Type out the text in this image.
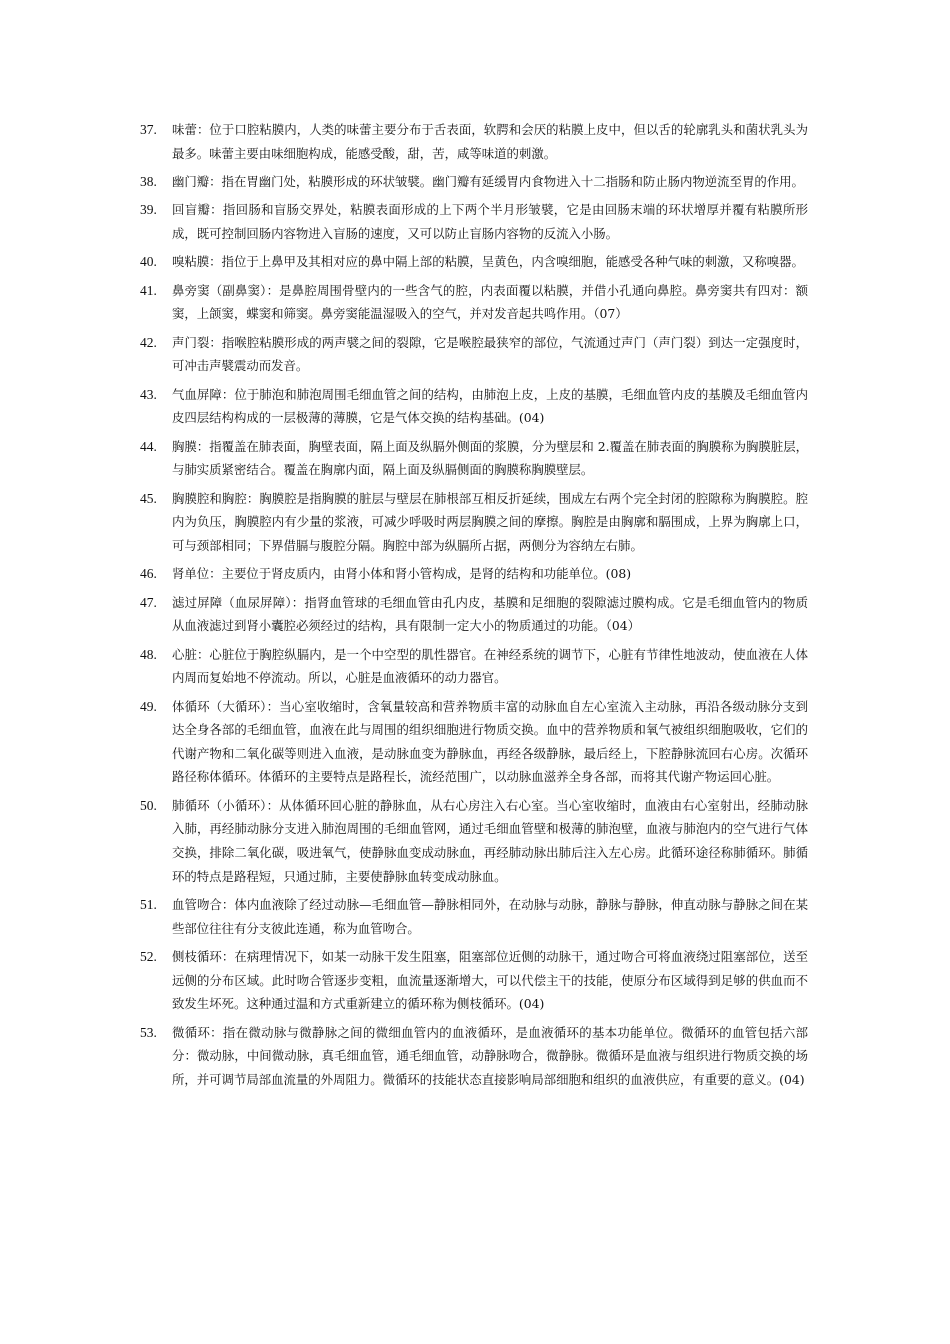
37.	味蕾：位于口腔粘膜内，人类的味蕾主要分布于舌表面，软腭和会厌的粘膜上皮中，但以舌的轮廓乳头和菌状乳头为最多。味蕾主要由味细胞构成，能感受酸，甜，苦，咸等味道的刺激。
38.	幽门瓣：指在胃幽门处，粘膜形成的环状皱襞。幽门瓣有延缓胃内食物进入十二指肠和防止肠内物逆流至胃的作用。
39.	回盲瓣：指回肠和盲肠交界处，粘膜表面形成的上下两个半月形皱襞，它是由回肠末端的环状增厚并覆有粘膜所形成，既可控制回肠内容物进入盲肠的速度，又可以防止盲肠内容物的反流入小肠。
40.	嗅粘膜：指位于上鼻甲及其相对应的鼻中隔上部的粘膜，呈黄色，内含嗅细胞，能感受各种气味的刺激，又称嗅器。
41.	鼻旁窦（副鼻窦）：是鼻腔周围骨壁内的一些含气的腔，内表面覆以粘膜，并借小孔通向鼻腔。鼻旁窦共有四对：额窦，上颌窦，蝶窦和筛窦。鼻旁窦能温湿吸入的空气，并对发音起共鸣作用。（07）
42.	声门裂：指喉腔粘膜形成的两声襞之间的裂隙，它是喉腔最狭窄的部位，气流通过声门（声门裂）到达一定强度时，可冲击声襞震动而发音。
43.	气血屏障：位于肺泡和肺泡周围毛细血管之间的结构，由肺泡上皮，上皮的基膜，毛细血管内皮的基膜及毛细血管内皮四层结构构成的一层极薄的薄膜，它是气体交换的结构基础。(04)
44.	胸膜：指覆盖在肺表面，胸壁表面，隔上面及纵膈外侧面的浆膜，分为壁层和 2.覆盖在肺表面的胸膜称为胸膜脏层，与肺实质紧密结合。覆盖在胸廓内面，隔上面及纵膈侧面的胸膜称胸膜壁层。
45.	胸膜腔和胸腔：胸膜腔是指胸膜的脏层与壁层在肺根部互相反折延续，围成左右两个完全封闭的腔隙称为胸膜腔。腔内为负压，胸膜腔内有少量的浆液，可减少呼吸时两层胸膜之间的摩擦。胸腔是由胸廓和膈围成，上界为胸廓上口，可与颈部相同；下界借膈与腹腔分隔。胸腔中部为纵膈所占据，两侧分为容纳左右肺。
46.	肾单位：主要位于肾皮质内，由肾小体和肾小管构成，是肾的结构和功能单位。(08)
47.	滤过屏障（血尿屏障）：指肾血管球的毛细血管由孔内皮，基膜和足细胞的裂隙滤过膜构成。它是毛细血管内的物质从血液滤过到肾小囊腔必须经过的结构，具有限制一定大小的物质通过的功能。（04）
48.	心脏：心脏位于胸腔纵膈内，是一个中空型的肌性器官。在神经系统的调节下，心脏有节律性地波动，使血液在人体内周而复始地不停流动。所以，心脏是血液循环的动力器官。
49.	体循环（大循环）：当心室收缩时，含氧量较高和营养物质丰富的动脉血自左心室流入主动脉，再沿各级动脉分支到达全身各部的毛细血管，血液在此与周围的组织细胞进行物质交换。血中的营养物质和氧气被组织细胞吸收，它们的代谢产物和二氧化碳等则进入血液，是动脉血变为静脉血，再经各级静脉，最后经上，下腔静脉流回右心房。次循环路径称体循环。体循环的主要特点是路程长，流经范围广，以动脉血滋养全身各部，而将其代谢产物运回心脏。
50.	肺循环（小循环）：从体循环回心脏的静脉血，从右心房注入右心室。当心室收缩时，血液由右心室射出，经肺动脉入肺，再经肺动脉分支进入肺泡周围的毛细血管网，通过毛细血管壁和极薄的肺泡壁，血液与肺泡内的空气进行气体交换，排除二氧化碳，吸进氧气，使静脉血变成动脉血，再经肺动脉出肺后注入左心房。此循环途径称肺循环。肺循环的特点是路程短，只通过肺，主要使静脉血转变成动脉血。
51.	血管吻合：体内血液除了经过动脉—毛细血管—静脉相同外，在动脉与动脉，静脉与静脉，伸直动脉与静脉之间在某些部位往往有分支彼此连通，称为血管吻合。
52.	侧枝循环：在病理情况下，如某一动脉干发生阻塞，阻塞部位近侧的动脉干，通过吻合可将血液绕过阻塞部位，送至远侧的分布区域。此时吻合管逐步变粗，血流量逐渐增大，可以代偿主干的技能，使原分布区域得到足够的供血而不致发生坏死。这种通过温和方式重新建立的循环称为侧枝循环。(04)
53.	微循环：指在微动脉与微静脉之间的微细血管内的血液循环，是血液循环的基本功能单位。微循环的血管包括六部分：微动脉，中间微动脉，真毛细血管，通毛细血管，动静脉吻合，微静脉。微循环是血液与组织进行物质交换的场所，并可调节局部血流量的外周阻力。微循环的技能状态直接影响局部细胞和组织的血液供应，有重要的意义。(04)
